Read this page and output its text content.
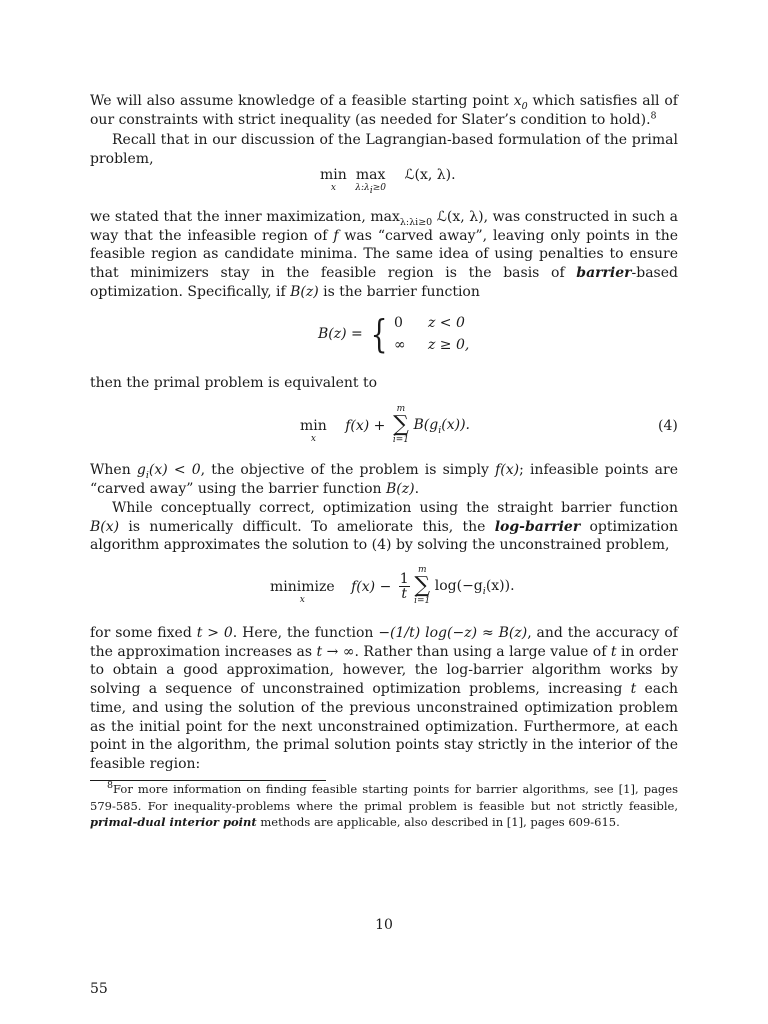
We will also assume knowledge of a feasible starting point $x_0$ which satisfies all of our constraints with strict inequality (as needed for Slater’s condition to hold).$^8$

Recall that in our discussion of the Lagrangian-based formulation of the primal problem,

min
x
max
$\lambda:\lambda_i\ge 0$
ℒ(x, λ).

we stated that the inner maximization, $\max_{\lambda:\lambda i\ge 0}$ ℒ(x, λ), was constructed in such a way that the infeasible region of f was “carved away”, leaving only points in the feasible region as candidate minima. The same idea of using penalties to ensure that minimizers stay in the feasible region is the basis of barrier-based optimization. Specifically, if B(z) is the barrier function

B(z) = { 0 z < 0
∞ z ≥ 0,

then the primal problem is equivalent to

min
x
f(x) +
m
∑
i=1
$B(g_i(x))$.	(4)

When $g_i(x) < 0$, the objective of the problem is simply f(x); infeasible points are “carved away” using the barrier function B(z).

While conceptually correct, optimization using the straight barrier function B(x) is numerically difficult. To ameliorate this, the log-barrier optimization algorithm approximates the solution to (4) by solving the unconstrained problem,

minimize
x
$f(x) - \frac{1}{t}$

m
∑
i=1
$\log(-g_i(x))$.

for some fixed t > 0. Here, the function −(1/t) log(−z) ≈ B(z), and the accuracy of the approximation increases as t → ∞. Rather than using a large value of t in order to obtain a good approximation, however, the log-barrier algorithm works by solving a sequence of unconstrained optimization problems, increasing t each time, and using the solution of the previous unconstrained optimization problem as the initial point for the next unconstrained optimization. Furthermore, at each point in the algorithm, the primal solution points stay strictly in the interior of the feasible region:

$^8$For more information on finding feasible starting points for barrier algorithms, see [1], pages 579-585. For inequality-problems where the primal problem is feasible but not strictly feasible, primal-dual interior point methods are applicable, also described in [1], pages 609-615.
10
55
